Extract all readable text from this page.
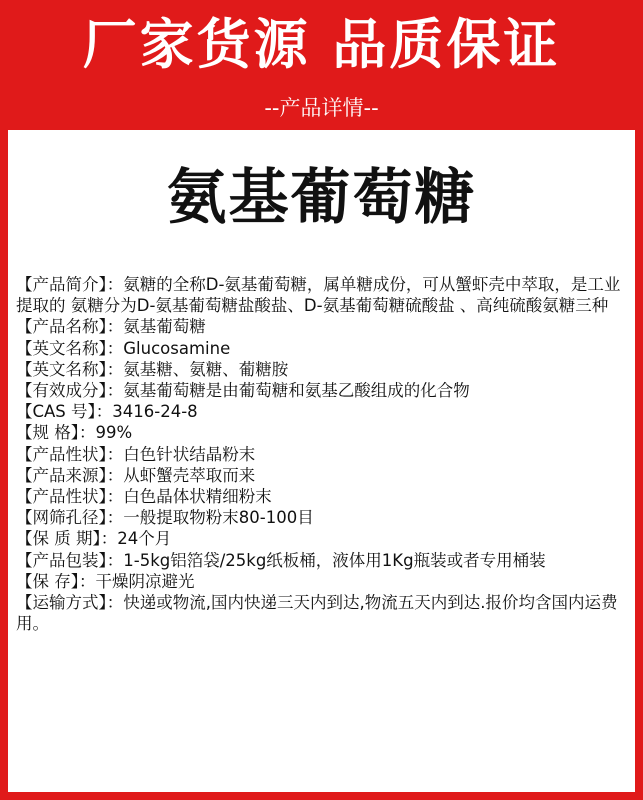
厂家货源 品质保证
--产品详情--
氨基葡萄糖

【产品简介】：氨糖的全称D-氨基葡萄糖，属单糖成份，可从蟹虾壳中萃取，是工业提取的 氨糖分为D-氨基葡萄糖盐酸盐、D-氨基葡萄糖硫酸盐 、高纯硫酸氨糖三种

【产品名称】：氨基葡萄糖

【英文名称】：Glucosamine

【英文名称】：氨基糖、氨糖、葡糖胺

【有效成分】：氨基葡萄糖是由葡萄糖和氨基乙酸组成的化合物

【CAS 号】：3416-24-8

【规 格】：99%

【产品性状】：白色针状结晶粉末

【产品来源】：从虾蟹壳萃取而来

【产品性状】：白色晶体状精细粉末

【网筛孔径】：一般提取物粉末80-100目

【保 质 期】：24个月

【产品包装】：1-5kg铝箔袋/25kg纸板桶，液体用1Kg瓶装或者专用桶装

【保 存】：干燥阴凉避光

【运输方式】：快递或物流,国内快递三天内到达,物流五天内到达.报价均含国内运费用。
